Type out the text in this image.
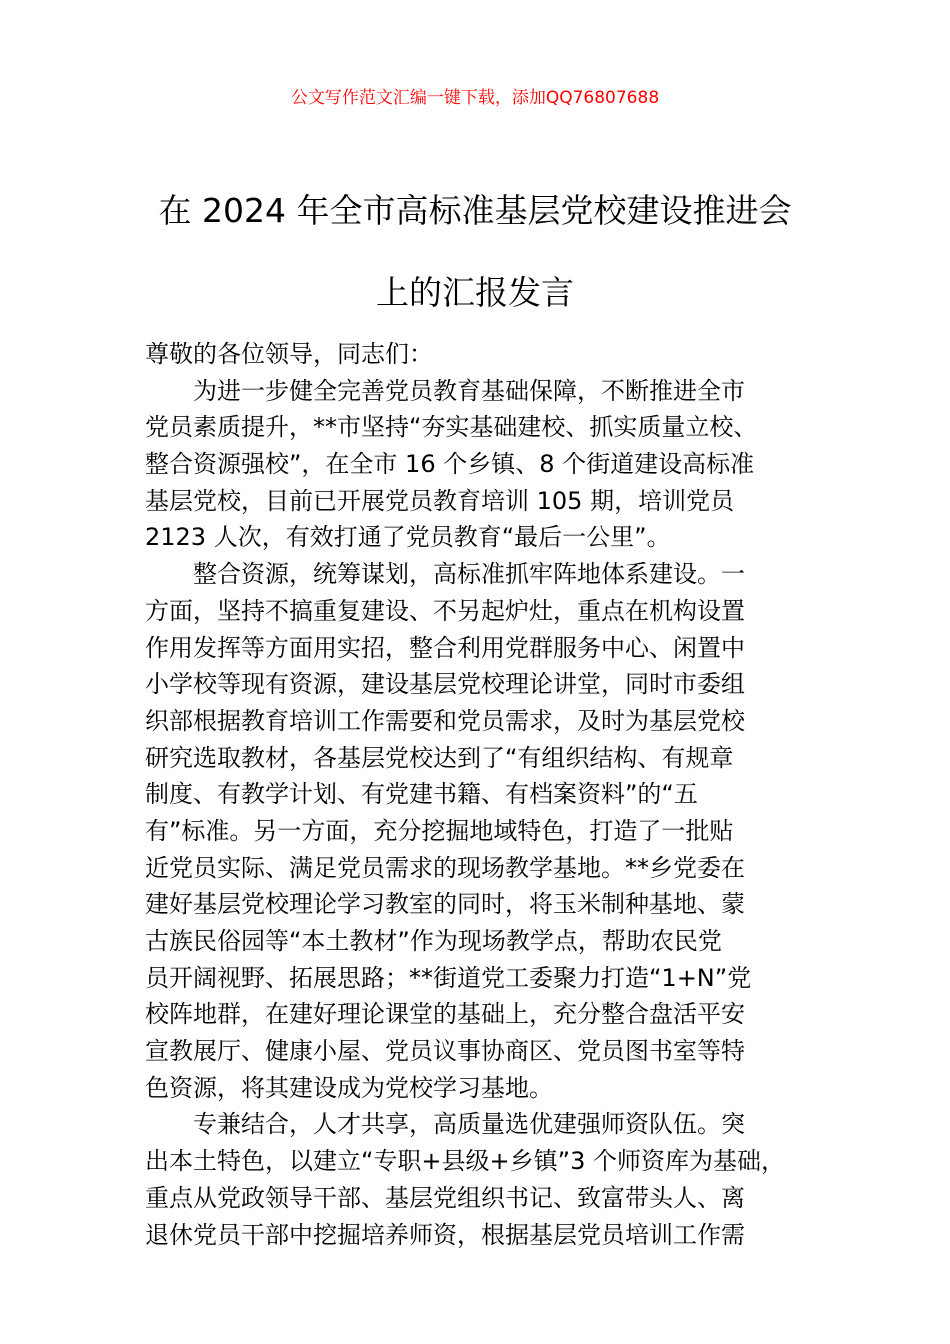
公文写作范文汇编一键下载，添加QQ76807688
在 2024 年全市高标准基层党校建设推进会
上的汇报发言
尊敬的各位领导，同志们：
为进一步健全完善党员教育基础保障，不断推进全市
党员素质提升，**市坚持“夯实基础建校、抓实质量立校、
整合资源强校”，在全市 16 个乡镇、8 个街道建设高标准
基层党校，目前已开展党员教育培训 105 期，培训党员
2123 人次，有效打通了党员教育“最后一公里”。
整合资源，统筹谋划，高标准抓牢阵地体系建设。一
方面，坚持不搞重复建设、不另起炉灶，重点在机构设置
作用发挥等方面用实招，整合利用党群服务中心、闲置中
小学校等现有资源，建设基层党校理论讲堂，同时市委组
织部根据教育培训工作需要和党员需求，及时为基层党校
研究选取教材，各基层党校达到了“有组织结构、有规章
制度、有教学计划、有党建书籍、有档案资料”的“五
有”标准。另一方面，充分挖掘地域特色，打造了一批贴
近党员实际、满足党员需求的现场教学基地。**乡党委在
建好基层党校理论学习教室的同时，将玉米制种基地、蒙
古族民俗园等“本土教材”作为现场教学点，帮助农民党
员开阔视野、拓展思路；**街道党工委聚力打造“1+N”党
校阵地群，在建好理论课堂的基础上，充分整合盘活平安
宣教展厅、健康小屋、党员议事协商区、党员图书室等特
色资源，将其建设成为党校学习基地。
专兼结合，人才共享，高质量选优建强师资队伍。突
出本土特色，以建立“专职+县级+乡镇”3 个师资库为基础，
重点从党政领导干部、基层党组织书记、致富带头人、离
退休党员干部中挖掘培养师资，根据基层党员培训工作需
